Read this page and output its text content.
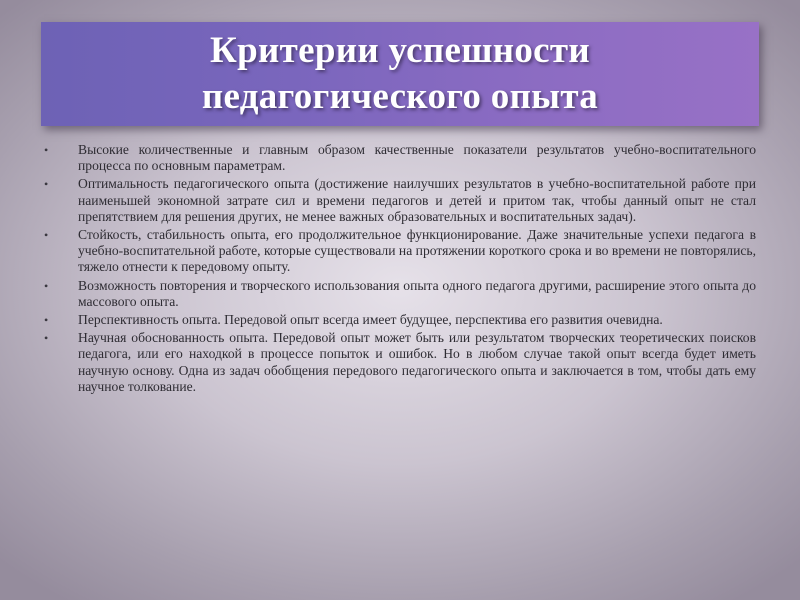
Критерии успешности
педагогического опыта
•	Высокие количественные и главным образом качественные показатели результатов учебно-воспитательного процесса по основным параметрам.
•	Оптимальность педагогического опыта (достижение наилучших результатов в учебно-воспитательной работе при наименьшей экономной затрате сил и времени педагогов и детей и притом так, чтобы данный опыт не стал препятствием для решения других, не менее важных образовательных и воспитательных задач).
•	Стойкость, стабильность опыта, его продолжительное функционирование. Даже значительные успехи педагога в учебно-воспитательной работе, которые существовали на протяжении короткого срока и во времени не повторялись, тяжело отнести к передовому опыту.
•	Возможность повторения и творческого использования опыта одного педагога другими, расширение этого опыта до массового опыта.
•	Перспективность опыта. Передовой опыт всегда имеет будущее, перспектива его развития очевидна.
•	Научная обоснованность опыта. Передовой опыт может быть или результатом творческих теоретических поисков педагога, или его находкой в процессе попыток и ошибок. Но в любом случае такой опыт всегда будет иметь научную основу. Одна из задач обобщения передового педагогического опыта и заключается в том, чтобы дать ему научное толкование.
